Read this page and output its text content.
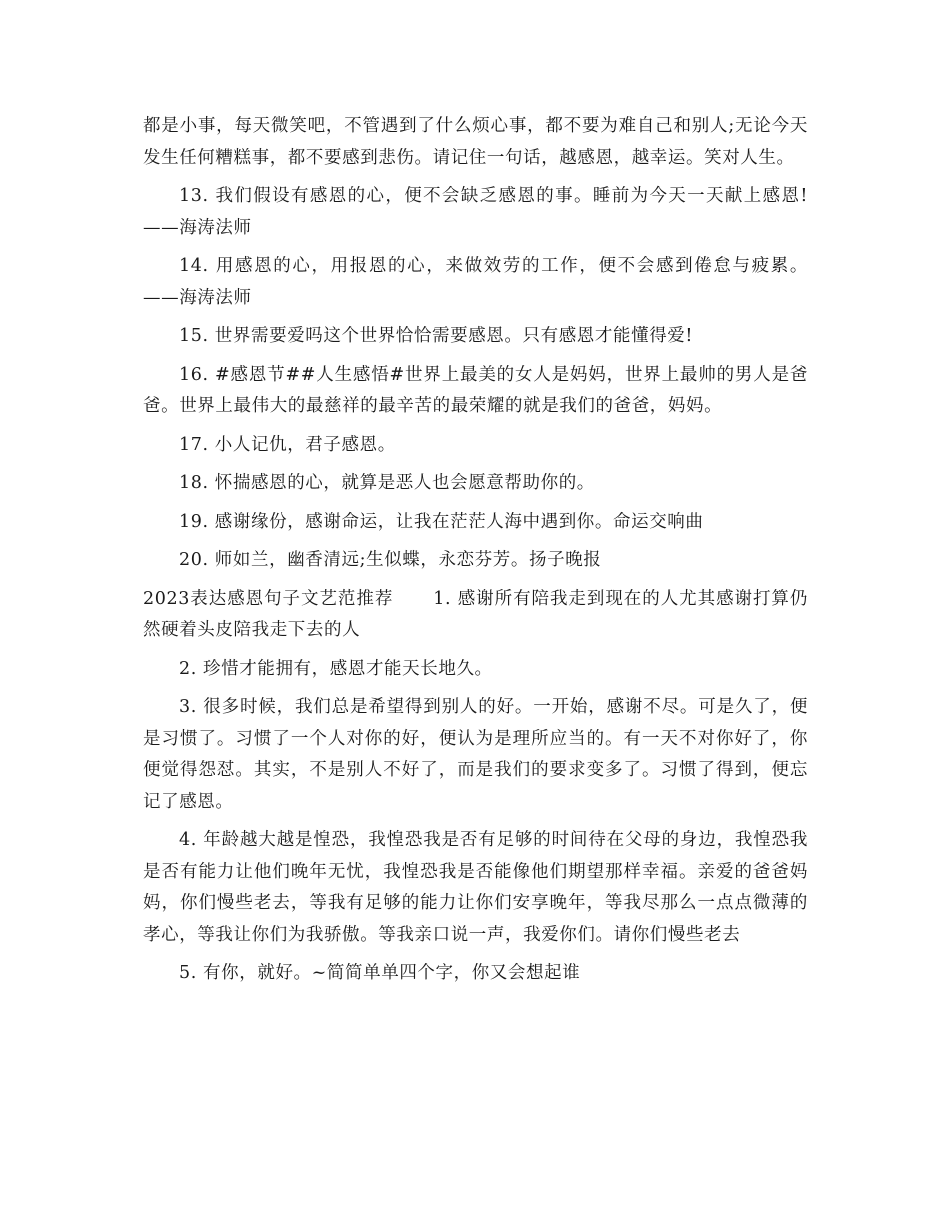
都是小事，每天微笑吧，不管遇到了什么烦心事，都不要为难自己和别人;无论今天发生任何糟糕事，都不要感到悲伤。请记住一句话，越感恩，越幸运。笑对人生。

13. 我们假设有感恩的心，便不会缺乏感恩的事。睡前为今天一天献上感恩!——海涛法师

14. 用感恩的心，用报恩的心，来做效劳的工作，便不会感到倦怠与疲累。——海涛法师

15. 世界需要爱吗这个世界恰恰需要感恩。只有感恩才能懂得爱!

16. #感恩节##人生感悟#世界上最美的女人是妈妈，世界上最帅的男人是爸爸。世界上最伟大的最慈祥的最辛苦的最荣耀的就是我们的爸爸，妈妈。

17. 小人记仇，君子感恩。

18. 怀揣感恩的心，就算是恶人也会愿意帮助你的。

19. 感谢缘份，感谢命运，让我在茫茫人海中遇到你。命运交响曲

20. 师如兰，幽香清远;生似蝶，永恋芬芳。扬子晚报

2023表达感恩句子文艺范推荐 1. 感谢所有陪我走到现在的人尤其感谢打算仍然硬着头皮陪我走下去的人

2. 珍惜才能拥有，感恩才能天长地久。

3. 很多时候，我们总是希望得到别人的好。一开始，感谢不尽。可是久了，便是习惯了。习惯了一个人对你的好，便认为是理所应当的。有一天不对你好了，你便觉得怨怼。其实，不是别人不好了，而是我们的要求变多了。习惯了得到，便忘记了感恩。

4. 年龄越大越是惶恐，我惶恐我是否有足够的时间待在父母的身边，我惶恐我是否有能力让他们晚年无忧，我惶恐我是否能像他们期望那样幸福。亲爱的爸爸妈妈，你们慢些老去，等我有足够的能力让你们安享晚年，等我尽那么一点点微薄的孝心，等我让你们为我骄傲。等我亲口说一声，我爱你们。请你们慢些老去

5. 有你，就好。~简简单单四个字，你又会想起谁
